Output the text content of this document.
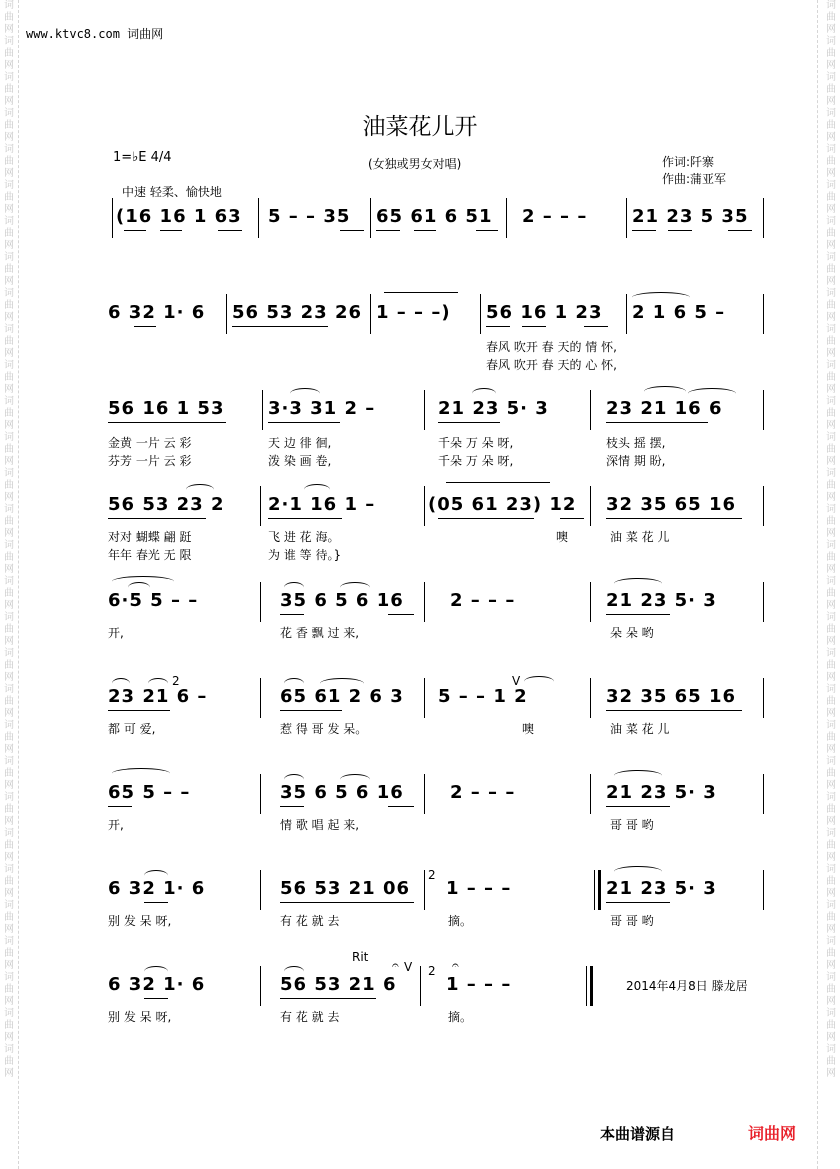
词曲网词曲网词曲网词曲网词曲网词曲网词曲网词曲网词曲网词曲网词曲网词曲网词曲网词曲网词曲网词曲网词曲网词曲网词曲网词曲网词曲网词曲网词曲网词曲网词曲网词曲网词曲网词曲网词曲网词曲网
词曲网词曲网词曲网词曲网词曲网词曲网词曲网词曲网词曲网词曲网词曲网词曲网词曲网词曲网词曲网词曲网词曲网词曲网词曲网词曲网词曲网词曲网词曲网词曲网词曲网词曲网词曲网词曲网词曲网词曲网
www.ktvc8.com 词曲网
油菜花儿开
1=♭E 4/4	(女独或男女对唱)	作词:阡寨
作曲:蒲亚军
中速 轻柔、愉快地
(16 16 1 63 5 – – 35 65 61 6 51 2 – – – 21 23 5 35
6 32 1· 6 56 53 23 26 1 – – –) 56 16 1 23 2 1 6 5 –
春风 吹开 春 天的 情 怀,
春风 吹开 春 天的 心 怀,
56 16 1 53 3·3 31 2 –	21 23 5· 3	23 21 16 6
金黄 一片 云 彩	天 边 徘 徊,	千朵 万 朵 呀,	枝头 摇 摆,
芬芳 一片 云 彩	泼 染 画 卷,	千朵 万 朵 呀,	深情 期 盼,
56 53 23 2 2·1 16 1 –	(05 61 23) 12 32 35 65 16
对对 蝴蝶 翩 跹	飞 进 花 海。	噢	油 菜 花 儿
年年 春光 无 限	为 谁 等 待。}
6·5 5 – –	35 6 5 6 16	2 – – –	21 23 5· 3
开,	花 香 飘 过 来,	朵 朵 哟
23 21 6 –	65 61 2 6 3 5 – – 1 2	32 35 65 16
2	V
都 可 爱,	惹 得 哥 发 呆。	噢	油 菜 花 儿
65 5 – –	35 6 5 6 16	2 – – –	21 23 5· 3
开,	情 歌 唱 起 来,	哥 哥 哟
6 32 1· 6	56 53 21 06
2
1 – – –	21 23 5· 3
别 发 呆 呀,	有 花 就 去	摘。	哥 哥 哟
Rit
6 32 1· 6	56 53 21 6
𝄐 V 2 𝄐
1 – – –
别 发 呆 呀,	有 花 就 去	摘。
2014年4月8日 滕龙居
本曲谱源自	词曲网
